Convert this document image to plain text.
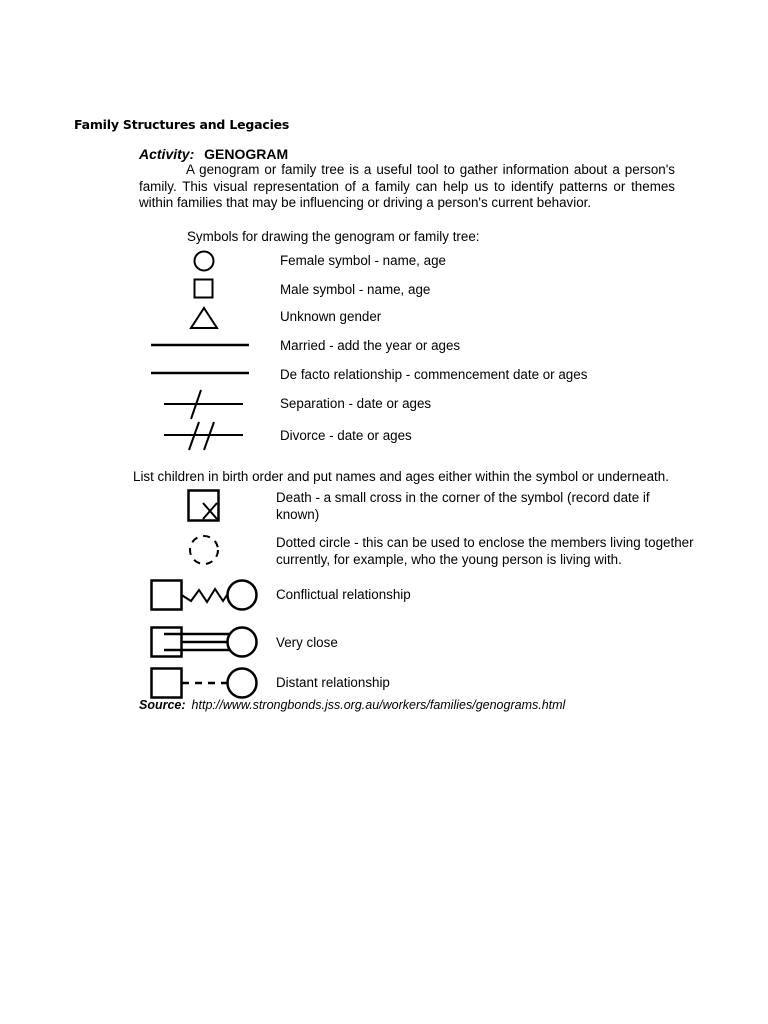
Family Structures and Legacies
Activity: GENOGRAM

A genogram or family tree is a useful tool to gather information about a person's family. This visual representation of a family can help us to identify patterns or themes within families that may be influencing or driving a person's current behavior.

Symbols for drawing the genogram or family tree:
Female symbol - name, age
Male symbol - name, age
Unknown gender
Married - add the year or ages
De facto relationship - commencement date or ages
Separation - date or ages
Divorce - date or ages
List children in birth order and put names and ages either within the symbol or underneath.
Death - a small cross in the corner of the symbol (record date if known)
Dotted circle - this can be used to enclose the members living together currently, for example, who the young person is living with.
Conflictual relationship
Very close
Distant relationship
Source: http://www.strongbonds.jss.org.au/workers/families/genograms.html
